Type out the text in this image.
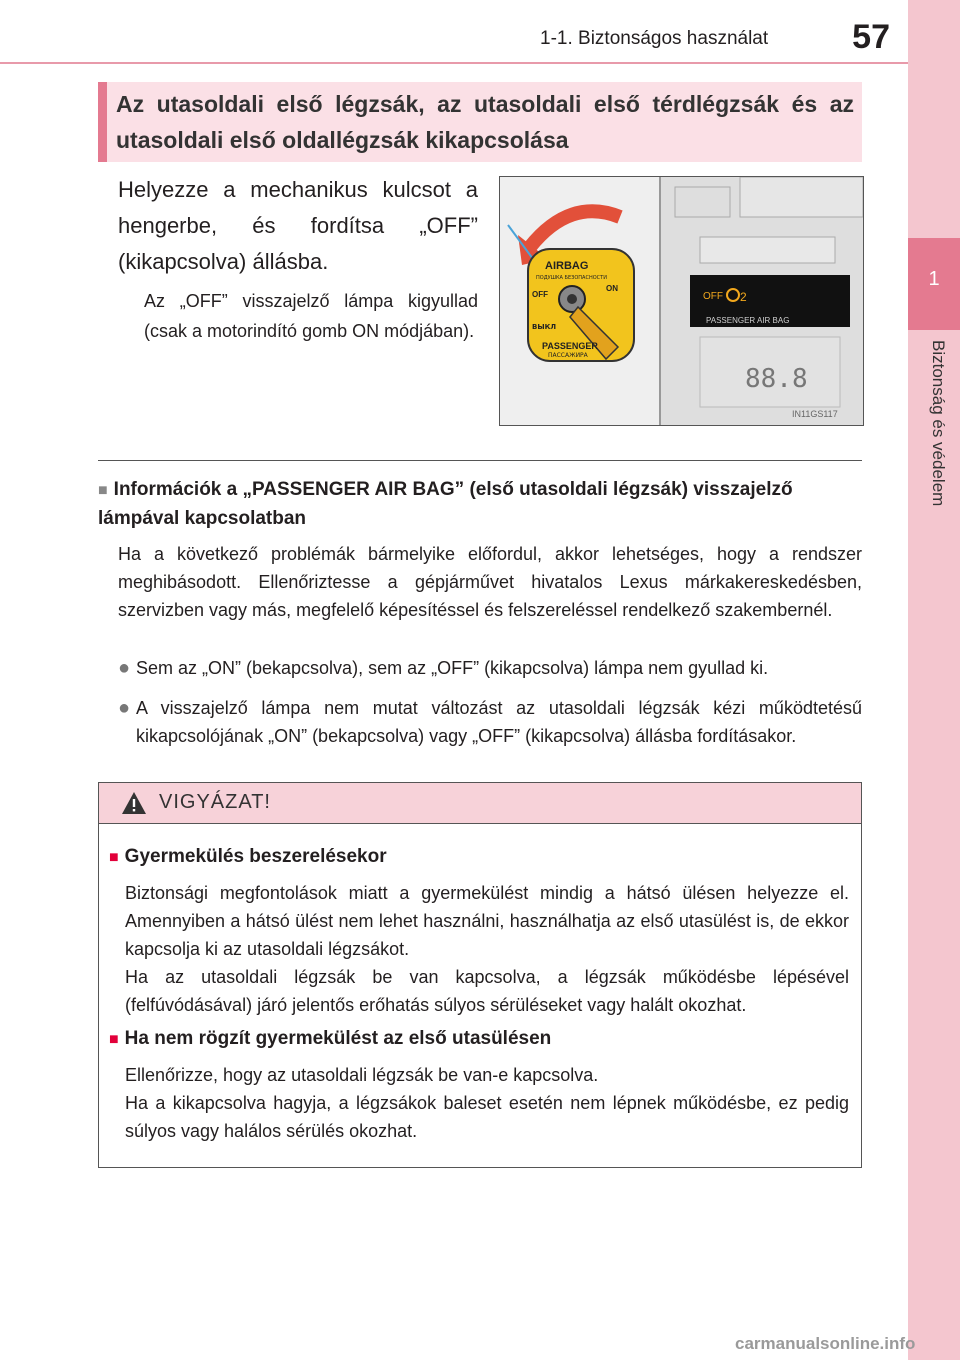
1-1. Biztonságos használat	57
1
Biztonság és védelem
Az utasoldali első légzsák, az utasoldali első térdlégzsák és az utasoldali első oldallégzsák kikapcsolása
Helyezze a mechanikus kulcsot a hengerbe, és fordítsa „OFF” (kikapcsolva) állásba.
Az „OFF” visszajelző lámpa kigyullad (csak a motorindító gomb ON módjában).
OFF 2
PASSENGER AIR BAG
88.8
IN11GS117
AIRBAG
ПОДУШКА БЕЗОПАСНОСТИ
OFF
ON
ВЫКЛ
PASSENGER
ПАССАЖИРА
■ Információk a „PASSENGER AIR BAG” (első utasoldali légzsák) visszajelző lámpával kapcsolatban
Ha a következő problémák bármelyike előfordul, akkor lehetséges, hogy a rendszer meghibásodott. Ellenőriztesse a gépjárművet hivatalos Lexus márkakereskedésben, szervizben vagy más, megfelelő képesítéssel és felszereléssel rendelkező szakembernél.
● Sem az „ON” (bekapcsolva), sem az „OFF” (kikapcsolva) lámpa nem gyullad ki.
● A visszajelző lámpa nem mutat változást az utasoldali légzsák kézi működtetésű kikapcsolójának „ON” (bekapcsolva) vagy „OFF” (kikapcsolva) állásba fordításakor.
VIGYÁZAT!
■ Gyermekülés beszerelésekor
Biztonsági megfontolások miatt a gyermekülést mindig a hátsó ülésen helyezze el. Amennyiben a hátsó ülést nem lehet használni, használhatja az első utasülést is, de ekkor kapcsolja ki az utasoldali légzsákot.
Ha az utasoldali légzsák be van kapcsolva, a légzsák működésbe lépésével (felfúvódásával) járó jelentős erőhatás súlyos sérüléseket vagy halált okozhat.
■ Ha nem rögzít gyermekülést az első utasülésen
Ellenőrizze, hogy az utasoldali légzsák be van-e kapcsolva.
Ha a kikapcsolva hagyja, a légzsákok baleset esetén nem lépnek működésbe, ez pedig súlyos vagy halálos sérülés okozhat.
carmanualsonline.info
